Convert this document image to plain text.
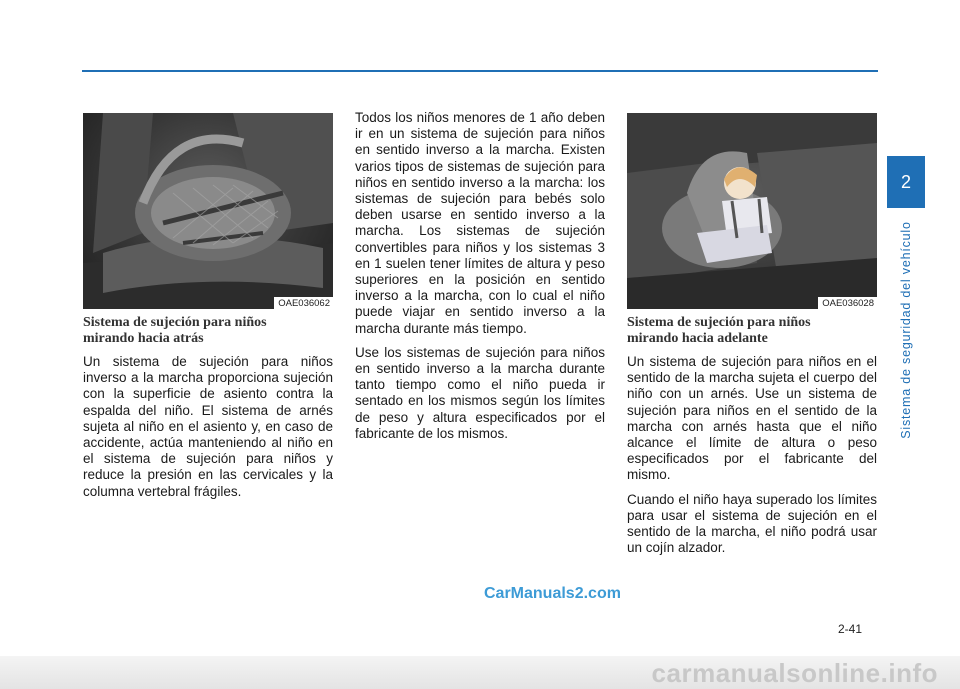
2
Sistema de seguridad del vehículo
OAE036062
Sistema de sujeción para niños
mirando hacia atrás

Un sistema de sujeción para niños inverso a la marcha proporciona sujeción con la superficie de asiento contra la espalda del niño. El sistema de arnés sujeta al niño en el asiento y, en caso de accidente, actúa manteniendo al niño en el sistema de sujeción para niños y reduce la presión en las cervicales y la columna vertebral frágiles.

Todos los niños menores de 1 año deben ir en un sistema de sujeción para niños en sentido inverso a la marcha. Existen varios tipos de sistemas de sujeción para niños en sentido inverso a la marcha: los sistemas de sujeción para bebés solo deben usarse en sentido inverso a la marcha. Los sistemas de sujeción convertibles para niños y los sistemas 3 en 1 suelen tener límites de altura y peso superiores en la posición en sentido inverso a la marcha, con lo cual el niño puede viajar en sentido inverso a la marcha durante más tiempo.

Use los sistemas de sujeción para niños en sentido inverso a la marcha durante tanto tiempo como el niño pueda ir sentado en los mismos según los límites de peso y altura especificados por el fabricante de los mismos.

OAE036028
Sistema de sujeción para niños
mirando hacia adelante

Un sistema de sujeción para niños en el sentido de la marcha sujeta el cuerpo del niño con un arnés. Use un sistema de sujeción para niños en el sentido de la marcha con arnés hasta que el niño alcance el límite de altura o peso especificados por el fabricante del mismo.

Cuando el niño haya superado los límites para usar el sistema de sujeción en el sentido de la marcha, el niño podrá usar un cojín alzador.

CarManuals2.com
2-41
carmanualsonline.info
